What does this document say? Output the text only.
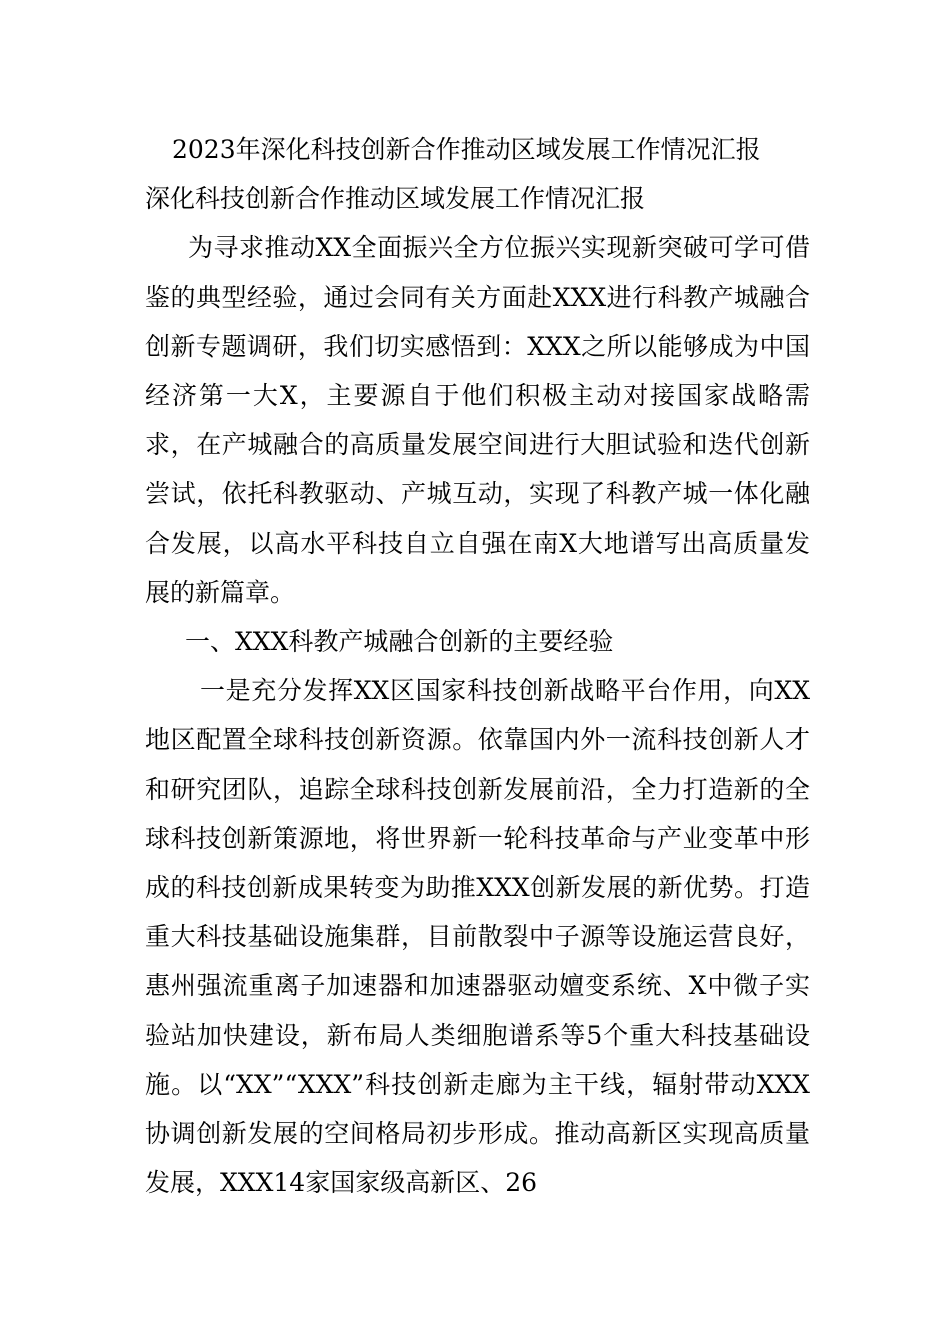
2023年深化科技创新合作推动区域发展工作情况汇报
深化科技创新合作推动区域发展工作情况汇报

为寻求推动XX全面振兴全方位振兴实现新突破可学可借鉴的典型经验，通过会同有关方面赴XXX进行科教产城融合创新专题调研，我们切实感悟到：XXX之所以能够成为中国经济第一大X，主要源自于他们积极主动对接国家战略需求，在产城融合的高质量发展空间进行大胆试验和迭代创新尝试，依托科教驱动、产城互动，实现了科教产城一体化融合发展，以高水平科技自立自强在南X大地谱写出高质量发展的新篇章。

一、XXX科教产城融合创新的主要经验

一是充分发挥XX区国家科技创新战略平台作用，向XX地区配置全球科技创新资源。依靠国内外一流科技创新人才和研究团队，追踪全球科技创新发展前沿，全力打造新的全球科技创新策源地，将世界新一轮科技革命与产业变革中形成的科技创新成果转变为助推XXX创新发展的新优势。打造重大科技基础设施集群，目前散裂中子源等设施运营良好，惠州强流重离子加速器和加速器驱动嬗变系统、X中微子实验站加快建设，新布局人类细胞谱系等5个重大科技基础设施。以“XX”“XXX”科技创新走廊为主干线，辐射带动XXX协调创新发展的空间格局初步形成。推动高新区实现高质量发展，XXX14家国家级高新区、26
